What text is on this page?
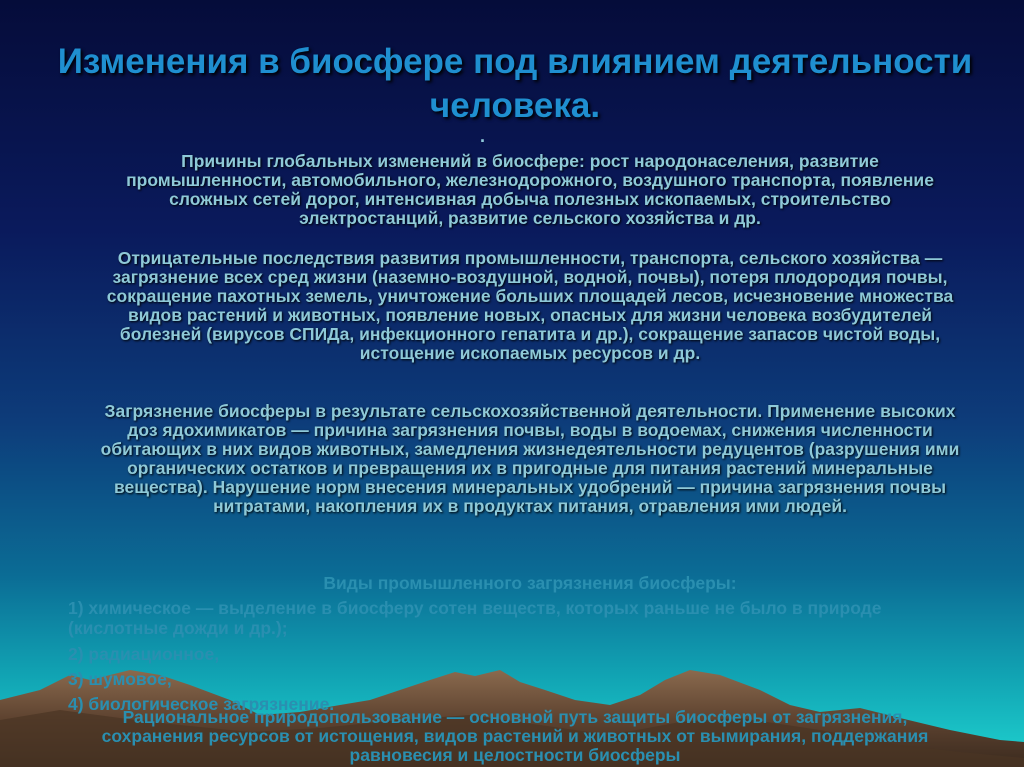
Изменения в биосфере под влиянием деятельности человека.
.
Причины глобальных изменений в биосфере: рост народонаселения, развитие промышленности, автомобильного, железнодорожного, воздушного транспорта, появление сложных сетей дорог, интенсивная добыча полезных ископаемых, строительство электростанций, развитие сельского хозяйства и др.
Отрицательные последствия развития промышленности, транспорта, сельского хозяйства — загрязнение всех сред жизни (наземно-воздушной, водной, почвы), потеря плодородия почвы, сокращение пахотных земель, уничтожение больших площадей лесов, исчезновение множества видов растений и животных, появление новых, опасных для жизни человека возбудителей болезней (вирусов СПИДа, инфекционного гепатита и др.), сокращение запасов чистой воды, истощение ископаемых ресурсов и др.
Загрязнение биосферы в результате сельскохозяйственной деятельности. Применение высоких доз ядохимикатов — причина загрязнения почвы, воды в водоемах, снижения численности обитающих в них видов животных, замедления жизнедеятельности редуцентов (разрушения ими органических остатков и превращения их в пригодные для питания растений минеральные вещества). Нарушение норм внесения минеральных удобрений — причина загрязнения почвы нитратами, накопления их в продуктах питания, отравления ими людей.
Виды промышленного загрязнения биосферы:
1) химическое — выделение в биосферу сотен веществ, которых раньше не было в природе (кислотные дожди и др.);
2) радиационное,
3) шумовое,
4) биологическое загрязнение.
Рациональное природопользование — основной путь защиты биосферы от загрязнения, сохранения ресурсов от истощения, видов растений и животных от вымирания, поддержания равновесия и целостности биосферы
